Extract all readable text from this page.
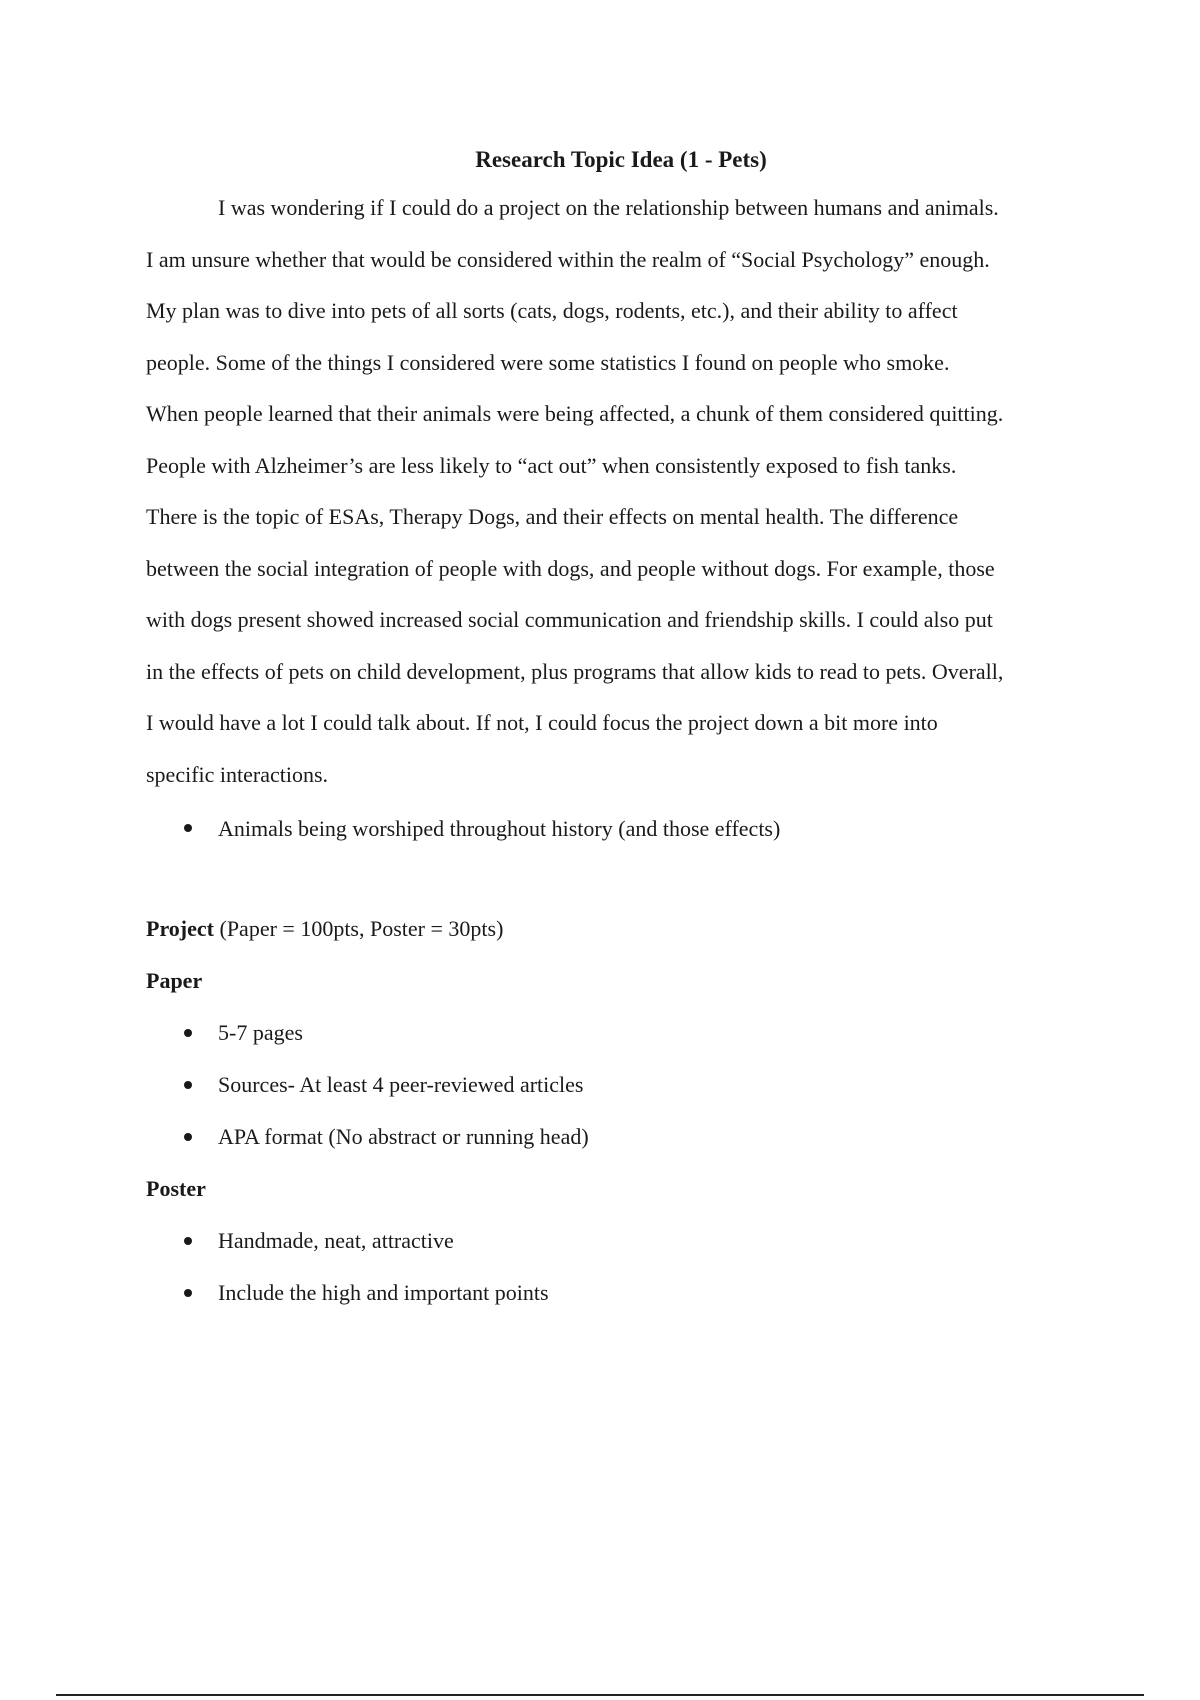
Research Topic Idea (1 - Pets)
I was wondering if I could do a project on the relationship between humans and animals.
I am unsure whether that would be considered within the realm of “Social Psychology” enough.
My plan was to dive into pets of all sorts (cats, dogs, rodents, etc.), and their ability to affect
people. Some of the things I considered were some statistics I found on people who smoke.
When people learned that their animals were being affected, a chunk of them considered quitting.
People with Alzheimer’s are less likely to “act out” when consistently exposed to fish tanks.
There is the topic of ESAs, Therapy Dogs, and their effects on mental health. The difference
between the social integration of people with dogs, and people without dogs. For example, those
with dogs present showed increased social communication and friendship skills. I could also put
in the effects of pets on child development, plus programs that allow kids to read to pets. Overall,
I would have a lot I could talk about. If not, I could focus the project down a bit more into
specific interactions.
Animals being worshiped throughout history (and those effects)

Project (Paper = 100pts, Poster = 30pts)

Paper

5-7 pages
Sources- At least 4 peer-reviewed articles
APA format (No abstract or running head)

Poster

Handmade, neat, attractive
Include the high and important points
